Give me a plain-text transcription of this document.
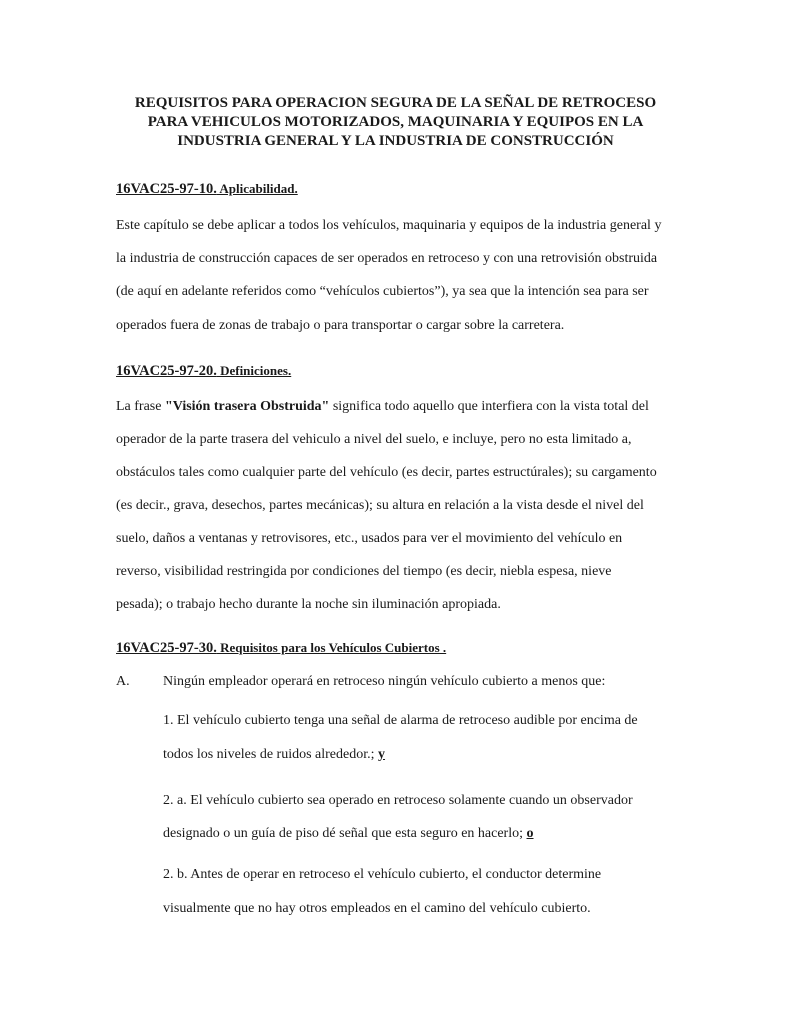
REQUISITOS PARA OPERACION SEGURA DE LA SEÑAL DE RETROCESO
PARA VEHICULOS MOTORIZADOS, MAQUINARIA Y EQUIPOS EN LA
INDUSTRIA GENERAL Y LA INDUSTRIA DE CONSTRUCCIÓN
16VAC25-97-10. Aplicabilidad.
Este capítulo se debe aplicar a todos los vehículos, maquinaria y equipos de la industria general y
la industria de construcción capaces de ser operados en retroceso y con una retrovisión obstruida
(de aquí en adelante referidos como “vehículos cubiertos”), ya sea que la intención sea para ser
operados fuera de zonas de trabajo o para transportar o cargar sobre la carretera.
16VAC25-97-20. Definiciones.
La frase "Visión trasera Obstruida" significa todo aquello que interfiera con la vista total del
operador de la parte trasera del vehiculo a nivel del suelo, e incluye, pero no esta limitado a,
obstáculos tales como cualquier parte del vehículo (es decir, partes estructúrales); su cargamento
(es decir., grava, desechos, partes mecánicas); su altura en relación a la vista desde el nivel del
suelo, daños a ventanas y retrovisores, etc., usados para ver el movimiento del vehículo en
reverso, visibilidad restringida por condiciones del tiempo (es decir, niebla espesa, nieve
pesada); o trabajo hecho durante la noche sin iluminación apropiada.
16VAC25-97-30. Requisitos para los Vehículos Cubiertos .
A. Ningún empleador operará en retroceso ningún vehículo cubierto a menos que:
1. El vehículo cubierto tenga una señal de alarma de retroceso audible por encima de
todos los niveles de ruidos alrededor.; y
2. a. El vehículo cubierto sea operado en retroceso solamente cuando un observador
designado o un guía de piso dé señal que esta seguro en hacerlo; o
2. b. Antes de operar en retroceso el vehículo cubierto, el conductor determine
visualmente que no hay otros empleados en el camino del vehículo cubierto.
